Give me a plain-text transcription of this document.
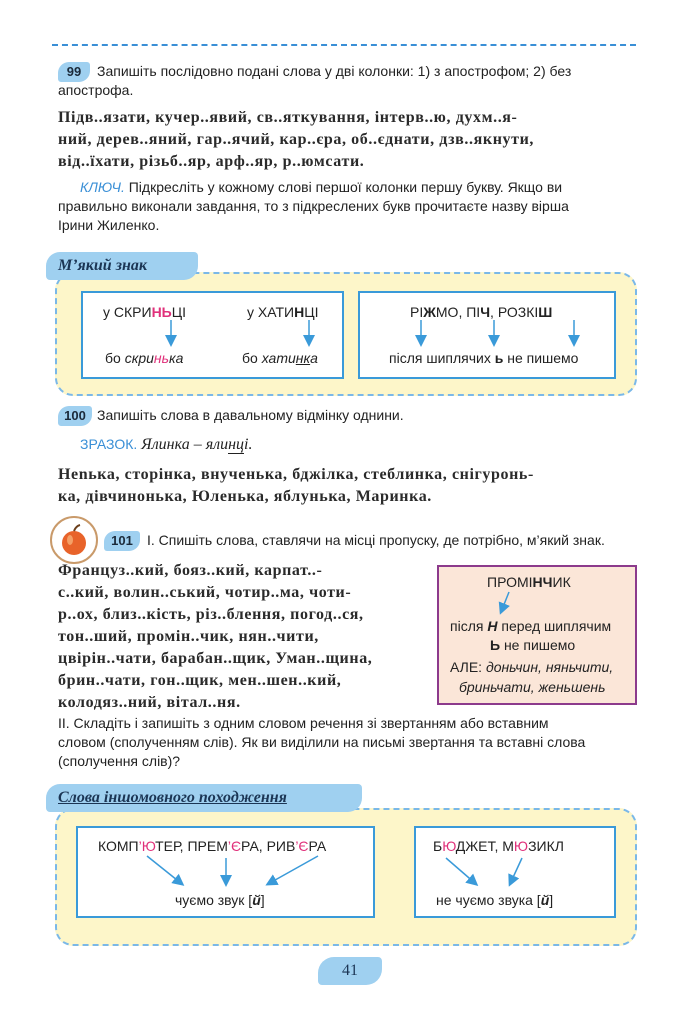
99	Запишіть послідовно подані слова у дві колонки: 1) з апострофом; 2) без

апострофа.
Підв..язати, кучер..явий, св..яткування, інтерв..ю, духм..я-
ний, дерев..яний, гар..ячий, кар..єра, об..єднати, дзв..якнути,
від..їхати, різьб..яр, арф..яр, р..юмсати.
КЛЮЧ. Підкресліть у кожному слові першої колонки першу букву. Якщо ви
правильно виконали завдання, то з підкреслених букв прочитаєте назву вірша
Ірини Жиленко.
М’який знак
у СКРИНЬЦІ	у ХАТИНЦІ
бо скринька	бо хатинка
РІЖМО, ПІЧ, РОЗКІШ
після шиплячих ь не пишемо
100 Запишіть слова в давальному відмінку однини.
ЗРАЗОК. Ялинка – ялинці.
Нenька, сторінка, внученька, бджілка, стеблинка, снігуронь-
ка, дівчинонька, Юленька, яблунька, Маринка.
101	І. Спишіть слова, ставлячи на місці пропуску, де потрібно, м’який знак.
Француз..кий, бояз..кий, карпат..-
с..кий, волин..ський, чотир..ма, чоти-
р..ох, близ..кість, різ..блення, погод..ся,
тон..ший, промін..чик, нян..чити,
цвірін..чати, барабан..щик, Уман..щина,
брин..чати, гон..щик, мен..шен..кий,
колодяз..ний, вітал..ня.
ПРОМІНЧИК
після Н перед шиплячим
Ь не пишемо
АЛЕ: доньчин, няньчити,
бриньчати, женьшень
ІІ. Складіть і запишіть з одним словом речення зі звертанням або вставним
словом (сполученням слів). Як ви виділили на письмі звертання та вставні слова
(сполучення слів)?
Слова іншомовного походження
КОМП’ЮТЕР, ПРЕМ’ЄРА, РИВ’ЄРА
чуємо звук [й]
БЮДЖЕТ, МЮЗИКЛ
не чуємо звука [й]
41
